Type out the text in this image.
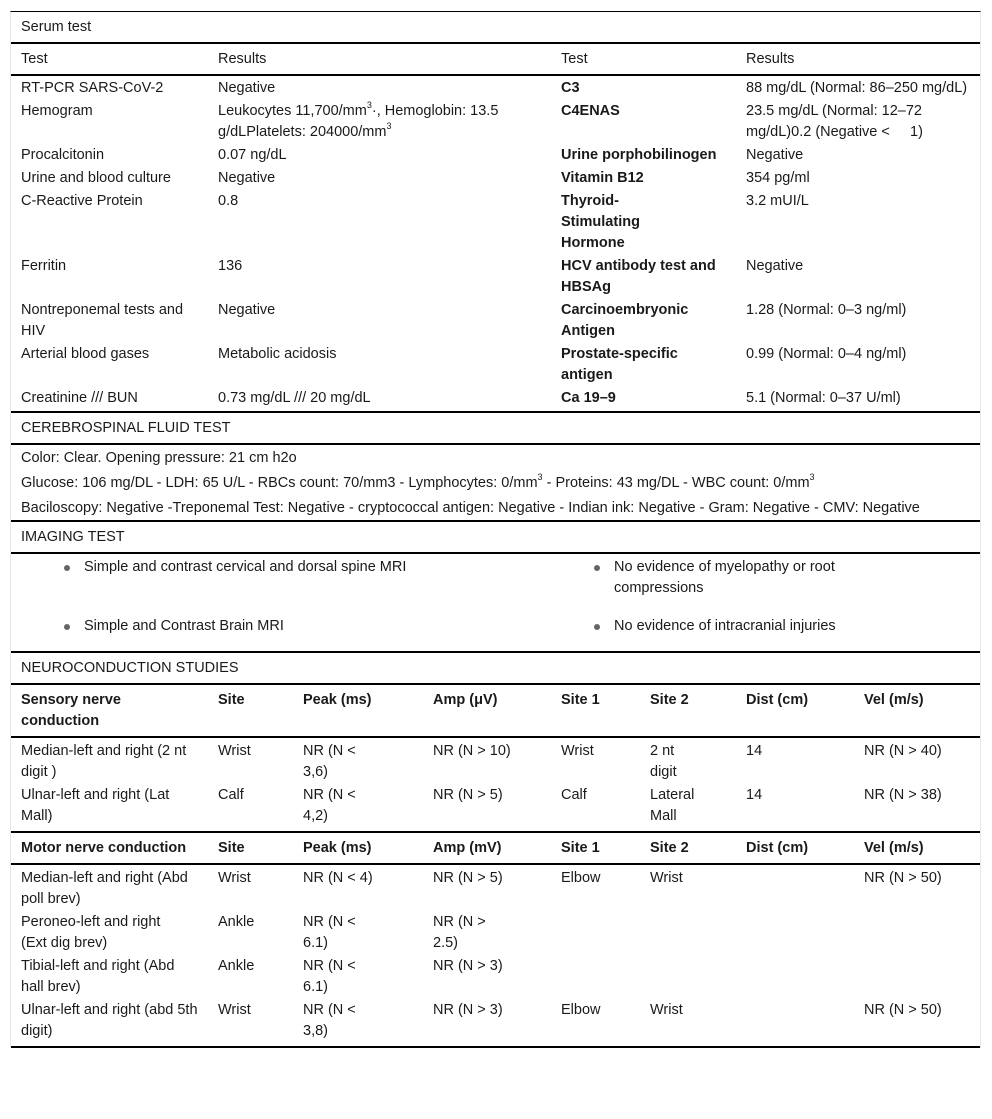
Serum test
Test	Results	Test	Results
RT-PCR SARS-CoV-2	Negative	C3	88 mg/dL (Normal: 86–250 mg/dL)
Hemogram	Leukocytes $11,700/mm^3\cdot$, Hemoglobin: 13.5 g/dLPlatelets: $204000/mm^3$	C4ENAS	23.5 mg/dL (Normal: 12–72 mg/dL)0.2 (Negative <     1)
Procalcitonin	0.07 ng/dL	Urine porphobilinogen	Negative
Urine and blood culture	Negative	Vitamin B12	354 pg/ml
C-Reactive Protein	0.8	Thyroid-Stimulating Hormone	3.2 mUI/L
Ferritin	136	HCV antibody test and HBSAg	Negative
Nontreponemal tests and HIV	Negative	Carcinoembryonic Antigen	1.28 (Normal: 0–3 ng/ml)
Arterial blood gases	Metabolic acidosis	Prostate-specific antigen	0.99 (Normal: 0–4 ng/ml)
Creatinine /// BUN	0.73 mg/dL /// 20 mg/dL	Ca 19–9	5.1 (Normal: 0–37 U/ml)
CEREBROSPINAL FLUID TEST
Color: Clear. Opening pressure: 21 cm h2o
Glucose: 106 mg/DL - LDH: 65 U/L - RBCs count: 70/mm3 - Lymphocytes: $0/mm^3$ - Proteins: 43 mg/DL - WBC count: $0/mm^3$
Baciloscopy: Negative -Treponemal Test: Negative - cryptococcal antigen: Negative - Indian ink: Negative - Gram: Negative - CMV: Negative
IMAGING TEST
Simple and contrast cervical and dorsal spine MRI	No evidence of myelopathy or root compressions
Simple and Contrast Brain MRI	No evidence of intracranial injuries
NEUROCONDUCTION STUDIES
Sensory nerve conduction	Site	Peak (ms)	Amp (μV)	Site 1	Site 2	Dist (cm)	Vel (m/s)
Median-left and right (2 nt digit )	Wrist	NR (N < 3,6)	NR (N > 10)	Wrist	2 nt digit	14	NR (N > 40)
Ulnar-left and right (Lat Mall)	Calf	NR (N < 4,2)	NR (N > 5)	Calf	Lateral Mall	14	NR (N > 38)
Motor nerve conduction	Site	Peak (ms)	Amp (mV)	Site 1	Site 2	Dist (cm)	Vel (m/s)
Median-left and right (Abd poll brev)	Wrist	NR (N < 4)	NR (N > 5)	Elbow	Wrist		NR (N > 50)
Peroneo-left and right (Ext dig brev)	Ankle	NR (N < 6.1)	NR (N > 2.5)				
Tibial-left and right (Abd hall brev)	Ankle	NR (N < 6.1)	NR (N > 3)				
Ulnar-left and right (abd 5th digit)	Wrist	NR (N < 3,8)	NR (N > 3)	Elbow	Wrist		NR (N > 50)
